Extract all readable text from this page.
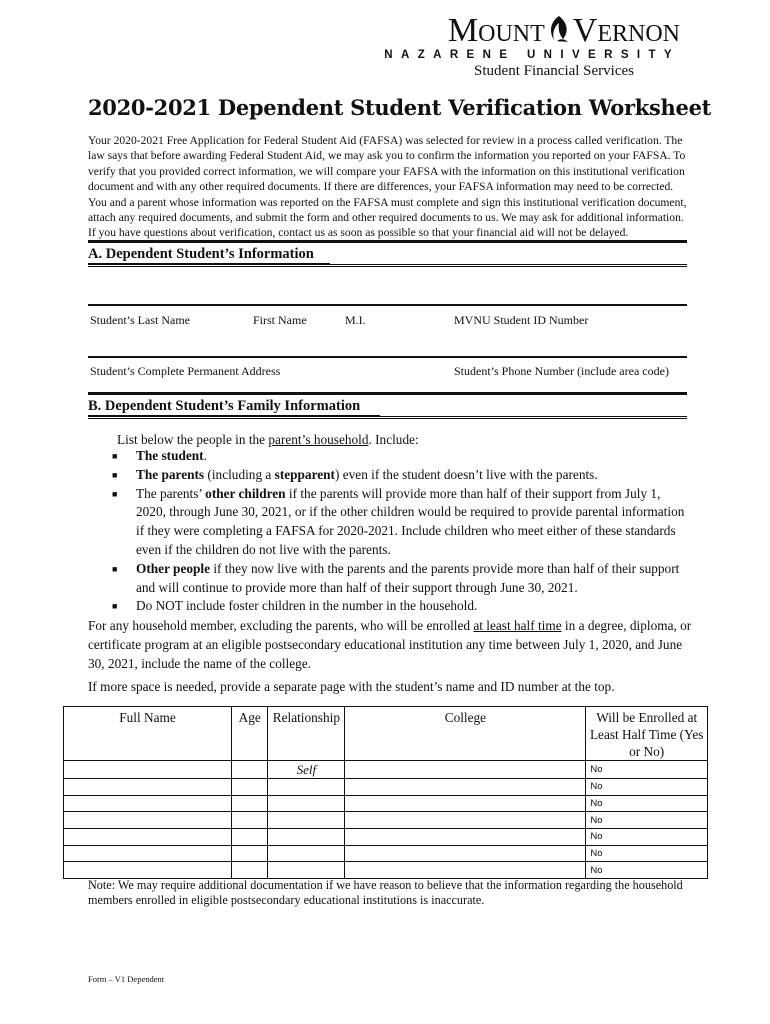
Mount Vernon
NAZARENE UNIVERSITY
Student Financial Services
2020-2021 Dependent Student Verification Worksheet
Your 2020-2021 Free Application for Federal Student Aid (FAFSA) was selected for review in a process called verification. The law says that before awarding Federal Student Aid, we may ask you to confirm the information you reported on your FAFSA. To verify that you provided correct information, we will compare your FAFSA with the information on this institutional verification document and with any other required documents. If there are differences, your FAFSA information may need to be corrected. You and a parent whose information was reported on the FAFSA must complete and sign this institutional verification document, attach any required documents, and submit the form and other required documents to us. We may ask for additional information. If you have questions about verification, contact us as soon as possible so that your financial aid will not be delayed.
A. Dependent Student’s Information
Student’s Last Name	First Name	M.I.	MVNU Student ID Number
Student’s Complete Permanent Address	Student’s Phone Number (include area code)
B. Dependent Student’s Family Information
List below the people in the parent’s household. Include:
■ The student.
■ The parents (including a stepparent) even if the student doesn’t live with the parents.
■ The parents’ other children if the parents will provide more than half of their support from July 1, 2020, through June 30, 2021, or if the other children would be required to provide parental information if they were completing a FAFSA for 2020-2021. Include children who meet either of these standards even if the children do not live with the parents.
■ Other people if they now live with the parents and the parents provide more than half of their support and will continue to provide more than half of their support through June 30, 2021.
■ Do NOT include foster children in the number in the household.
For any household member, excluding the parents, who will be enrolled at least half time in a degree, diploma, or certificate program at an eligible postsecondary educational institution any time between July 1, 2020, and June 30, 2021, include the name of the college.
If more space is needed, provide a separate page with the student’s name and ID number at the top.
Full Name	Age	Relationship	College	Will be Enrolled at Least Half Time (Yes or No)
		Self		No
				No
				No
				No
				No
				No
				No
Note: We may require additional documentation if we have reason to believe that the information regarding the household members enrolled in eligible postsecondary educational institutions is inaccurate.
Form – V1 Dependent
